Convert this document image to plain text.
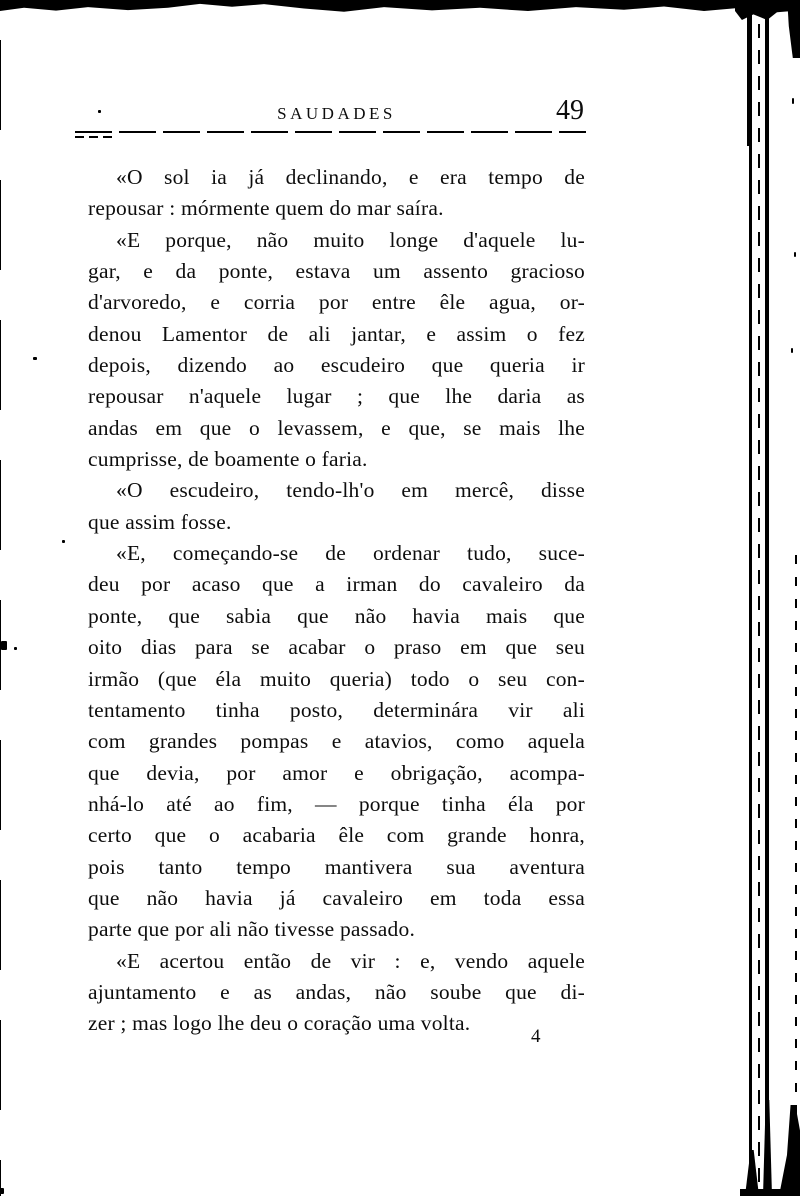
SAUDADES	49
«O sol ia já declinando, e era tempo de
repousar : mórmente quem do mar saíra.
«E porque, não muito longe d'aquele lu-
gar, e da ponte, estava um assento gracioso
d'arvoredo, e corria por entre êle agua, or-
denou Lamentor de ali jantar, e assim o fez
depois, dizendo ao escudeiro que queria ir
repousar n'aquele lugar ; que lhe daria as
andas em que o levassem, e que, se mais lhe
cumprisse, de boamente o faria.
«O escudeiro, tendo-lh'o em mercê, disse
que assim fosse.
«E, começando-se de ordenar tudo, suce-
deu por acaso que a irman do cavaleiro da
ponte, que sabia que não havia mais que
oito dias para se acabar o praso em que seu
irmão (que éla muito queria) todo o seu con-
tentamento tinha posto, determinára vir ali
com grandes pompas e atavios, como aquela
que devia, por amor e obrigação, acompa-
nhá-lo até ao fim, — porque tinha éla por
certo que o acabaria êle com grande honra,
pois tanto tempo mantivera sua aventura
que não havia já cavaleiro em toda essa
parte que por ali não tivesse passado.
«E acertou então de vir : e, vendo aquele
ajuntamento e as andas, não soube que di-
zer ; mas logo lhe deu o coração uma volta.
4
